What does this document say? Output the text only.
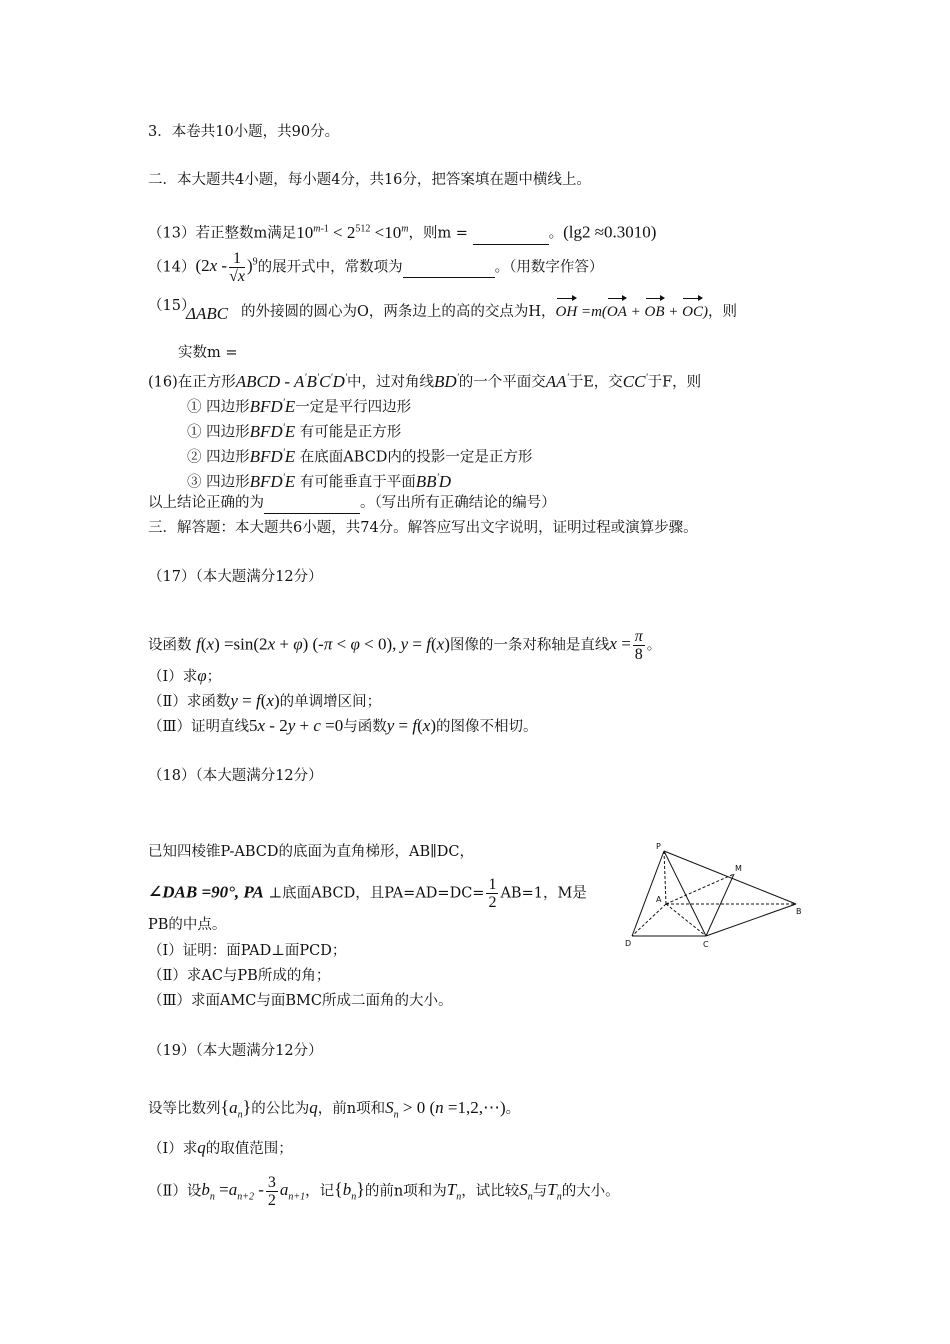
3．本卷共10小题，共90分。
二．本大题共4小题，每小题4分，共16分，把答案填在题中横线上。
（13）若正整数m满足$10^{m-1} < 2^{512} <10^m$，则m =	。(lg2 ≈0.3010)
$(14)(2x - \frac{1}{√x} )^9$的展开式中，常数项为	。（用数字作答）
（15）
ΔABC 的外接圆的圆心为O，两条边上的高的交点为H，OH =m(OA + OB + OC)，则
实数m =
(16)在正方形ABCD - A'B'C'D'中，过对角线BD'的一个平面交AA'于E，交CC'于F，则
① 四边形BFD'E一定是平行四边形
① 四边形BFD'E 有可能是正方形
② 四边形BFD'E 在底面ABCD内的投影一定是正方形
③ 四边形BFD'E 有可能垂直于平面BB'D
以上结论正确的为	。（写出所有正确结论的编号）
三．解答题：本大题共6小题，共74分。解答应写出文字说明，证明过程或演算步骤。
（17）（本大题满分12分）
设函数 f(x) =sin(2x + φ) (-π < φ < 0), y = f(x)图像的一条对称轴是直线$x = \frac{\pi}{8}$ 。
（Ⅰ）求φ；
（Ⅱ）求函数y = f(x)的单调增区间；
（Ⅲ）证明直线5x - 2y + c =0与函数y = f(x)的图像不相切。
（18）（本大题满分12分）
已知四棱锥P-ABCD的底面为直角梯形，AB∥DC，
∠DAB =90°, PA ⊥底面ABCD，且$PA=AD=DC= \frac{1}{2} AB=1$，M是
PB的中点。
（Ⅰ）证明：面PAD⊥面PCD；
（Ⅱ）求AC与PB所成的角；
（Ⅲ）求面AMC与面BMC所成二面角的大小。
P
M
A
B
D	C
（19）（本大题满分12分）
设等比数列$\{a_n\}$的公比为q，前n项和$S_n > 0$ (n =1,2,⋯)。
（Ⅰ）求q的取值范围；
（Ⅱ）设$b_n =a_{n+2} - \frac{3}{2} a_{n+1}$，记$\{b_n\}$的前n项和为$T_n$，试比较$S_n$与$T_n$的大小。
